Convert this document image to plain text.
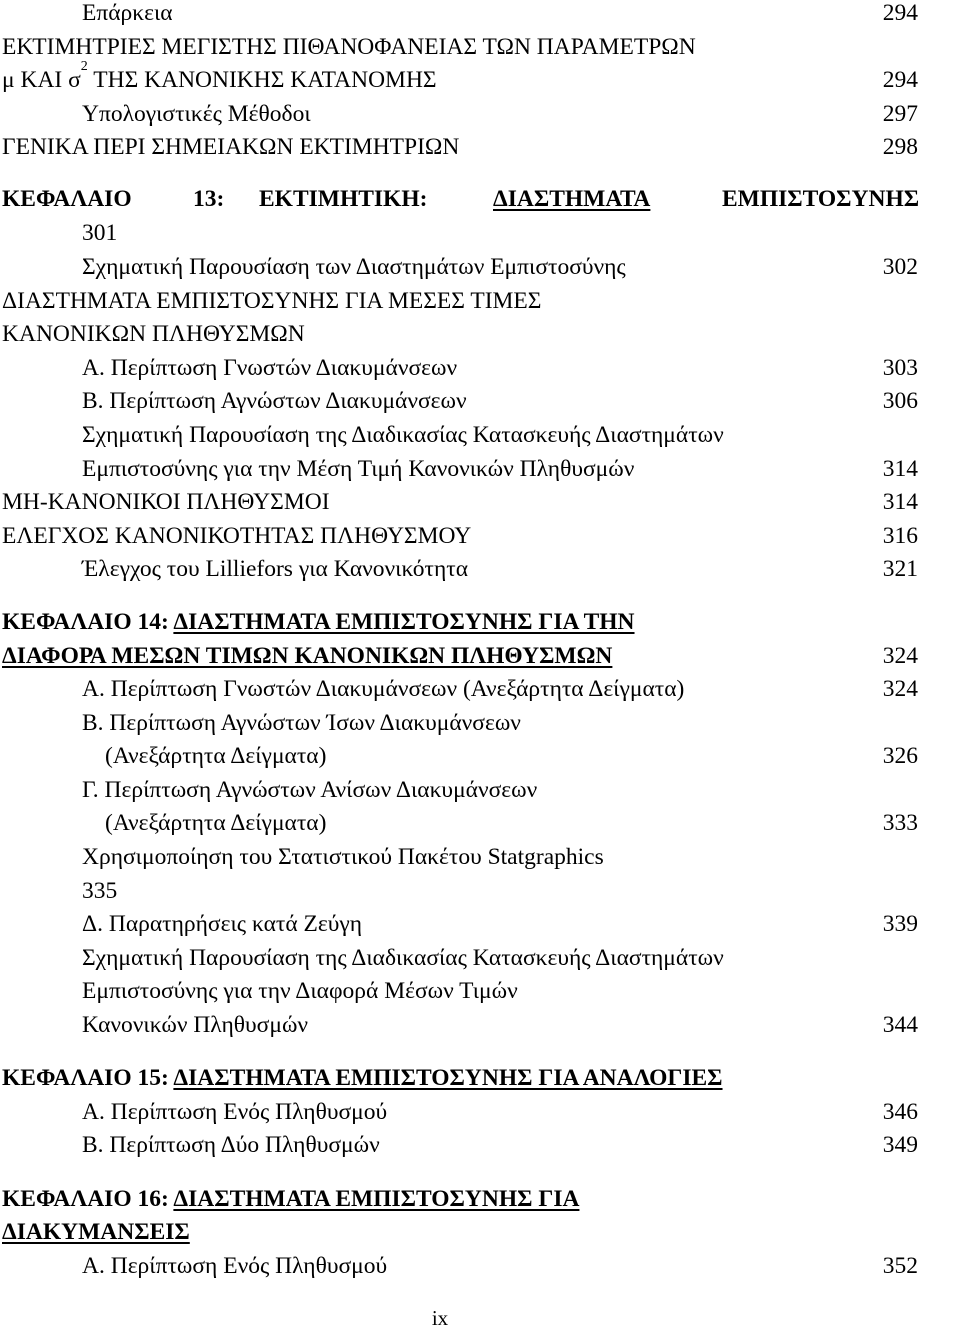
Επάρκεια	294
ΕΚΤΙΜΗΤΡΙΕΣ ΜΕΓΙΣΤΗΣ ΠΙΘΑΝΟΦΑΝΕΙΑΣ ΤΩΝ ΠΑΡΑΜΕΤΡΩΝ
μ ΚΑΙ $\sigma^2$ ΤΗΣ ΚΑΝΟΝΙΚΗΣ ΚΑΤΑΝΟΜΗΣ	294
Υπολογιστικές Μέθοδοι	297
ΓΕΝΙΚΑ ΠΕΡΙ ΣΗΜΕΙΑΚΩΝ ΕΚΤΙΜΗΤΡΙΩΝ	298
ΚΕΦΑΛΑΙΟ	13: ΕΚΤΙΜΗΤΙΚΗ:	ΔΙΑΣΤΗΜΑΤΑ	ΕΜΠΙΣΤΟΣΥΝΗΣ
301
Σχηματική Παρουσίαση των Διαστημάτων Εμπιστοσύνης	302
ΔΙΑΣΤΗΜΑΤΑ ΕΜΠΙΣΤΟΣΥΝΗΣ ΓΙΑ ΜΕΣΕΣ ΤΙΜΕΣ
ΚΑΝΟΝΙΚΩΝ ΠΛΗΘΥΣΜΩΝ
Α. Περίπτωση Γνωστών Διακυμάνσεων	303
Β. Περίπτωση Αγνώστων Διακυμάνσεων	306
Σχηματική Παρουσίαση της Διαδικασίας Κατασκευής Διαστημάτων
Εμπιστοσύνης για την Μέση Τιμή Κανονικών Πληθυσμών	314
ΜΗ-ΚΑΝΟΝΙΚΟΙ ΠΛΗΘΥΣΜΟΙ	314
ΕΛΕΓΧΟΣ ΚΑΝΟΝΙΚΟΤΗΤΑΣ ΠΛΗΘΥΣΜΟΥ	316
Έλεγχος του Lilliefors για Κανονικότητα	321
ΚΕΦΑΛΑΙΟ 14: ΔΙΑΣΤΗΜΑΤΑ ΕΜΠΙΣΤΟΣΥΝΗΣ ΓΙΑ ΤΗΝ
ΔΙΑΦΟΡΑ ΜΕΣΩΝ ΤΙΜΩΝ ΚΑΝΟΝΙΚΩΝ ΠΛΗΘΥΣΜΩΝ	324
Α. Περίπτωση Γνωστών Διακυμάνσεων (Ανεξάρτητα Δείγματα)	324
Β. Περίπτωση Αγνώστων Ίσων Διακυμάνσεων
(Ανεξάρτητα Δείγματα)	326
Γ. Περίπτωση Αγνώστων Ανίσων Διακυμάνσεων
(Ανεξάρτητα Δείγματα)	333
Χρησιμοποίηση του Στατιστικού Πακέτου Statgraphics
335
Δ. Παρατηρήσεις κατά Ζεύγη	339
Σχηματική Παρουσίαση της Διαδικασίας Κατασκευής Διαστημάτων
Εμπιστοσύνης για την Διαφορά Μέσων Τιμών
Κανονικών Πληθυσμών	344
ΚΕΦΑΛΑΙΟ 15: ΔΙΑΣΤΗΜΑΤΑ ΕΜΠΙΣΤΟΣΥΝΗΣ ΓΙΑ ΑΝΑΛΟΓΙΕΣ
Α. Περίπτωση Ενός Πληθυσμού	346
Β. Περίπτωση Δύο Πληθυσμών	349
ΚΕΦΑΛΑΙΟ 16: ΔΙΑΣΤΗΜΑΤΑ ΕΜΠΙΣΤΟΣΥΝΗΣ ΓΙΑ
ΔΙΑΚΥΜΑΝΣΕΙΣ
Α. Περίπτωση Ενός Πληθυσμού	352
ix
